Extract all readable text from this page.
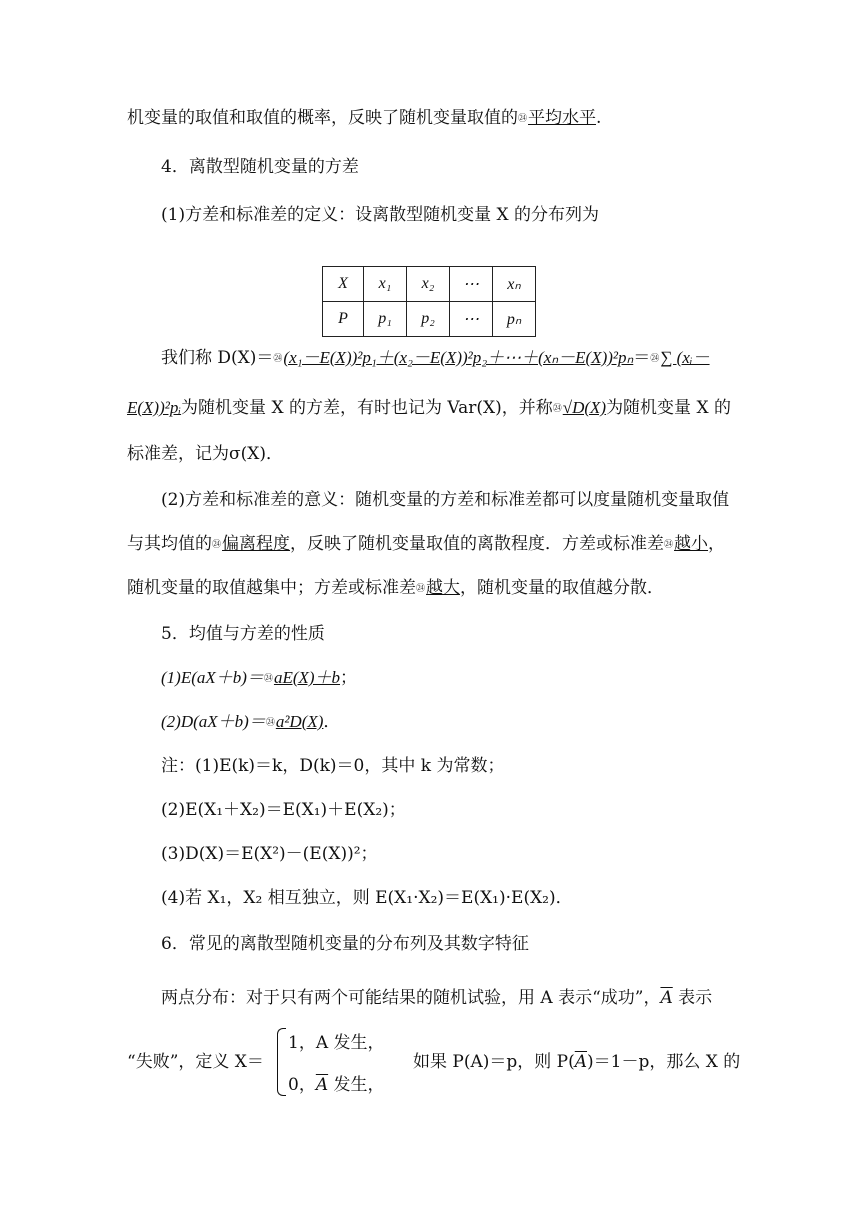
机变量的取值和取值的概率，反映了随机变量取值的㉔平均水平.
4．离散型随机变量的方差
(1)方差和标准差的定义：设离散型随机变量 X 的分布列为
X	x₁	x₂	⋯	xₙ
P	p₁	p₂	⋯	pₙ
我们称 D(X)＝㉔(x₁－E(X))²p₁＋(x₂－E(X))²p₂＋⋯＋(xₙ－E(X))²pₙ＝㉔∑ (xᵢ－
E(X))²pᵢ为随机变量 X 的方差，有时也记为 Var(X)，并称㉔√D(X)为随机变量 X 的
标准差，记为σ(X)．
(2)方差和标准差的意义：随机变量的方差和标准差都可以度量随机变量取值
与其均值的㉔偏离程度，反映了随机变量取值的离散程度．方差或标准差㉔越小，
随机变量的取值越集中；方差或标准差㉔越大，随机变量的取值越分散．
5．均值与方差的性质
(1)E(aX＋b)＝㉔aE(X)＋b；
(2)D(aX＋b)＝㉔a²D(X)．
注：(1)E(k)＝k，D(k)＝0，其中 k 为常数；
(2)E(X₁＋X₂)＝E(X₁)＋E(X₂)；
(3)D(X)＝E(X²)－(E(X))²；
(4)若 X₁，X₂ 相互独立，则 E(X₁·X₂)＝E(X₁)·E(X₂)．
6．常见的离散型随机变量的分布列及其数字特征
两点分布：对于只有两个可能结果的随机试验，用 A 表示“成功”，$\overline{A}$ 表示
“失败”，定义 X＝
1，A 发生，
0，$\overline{A}$ 发生，
如果 P(A)＝p，则 $P(\overline{A})=1-p$，那么 X 的
